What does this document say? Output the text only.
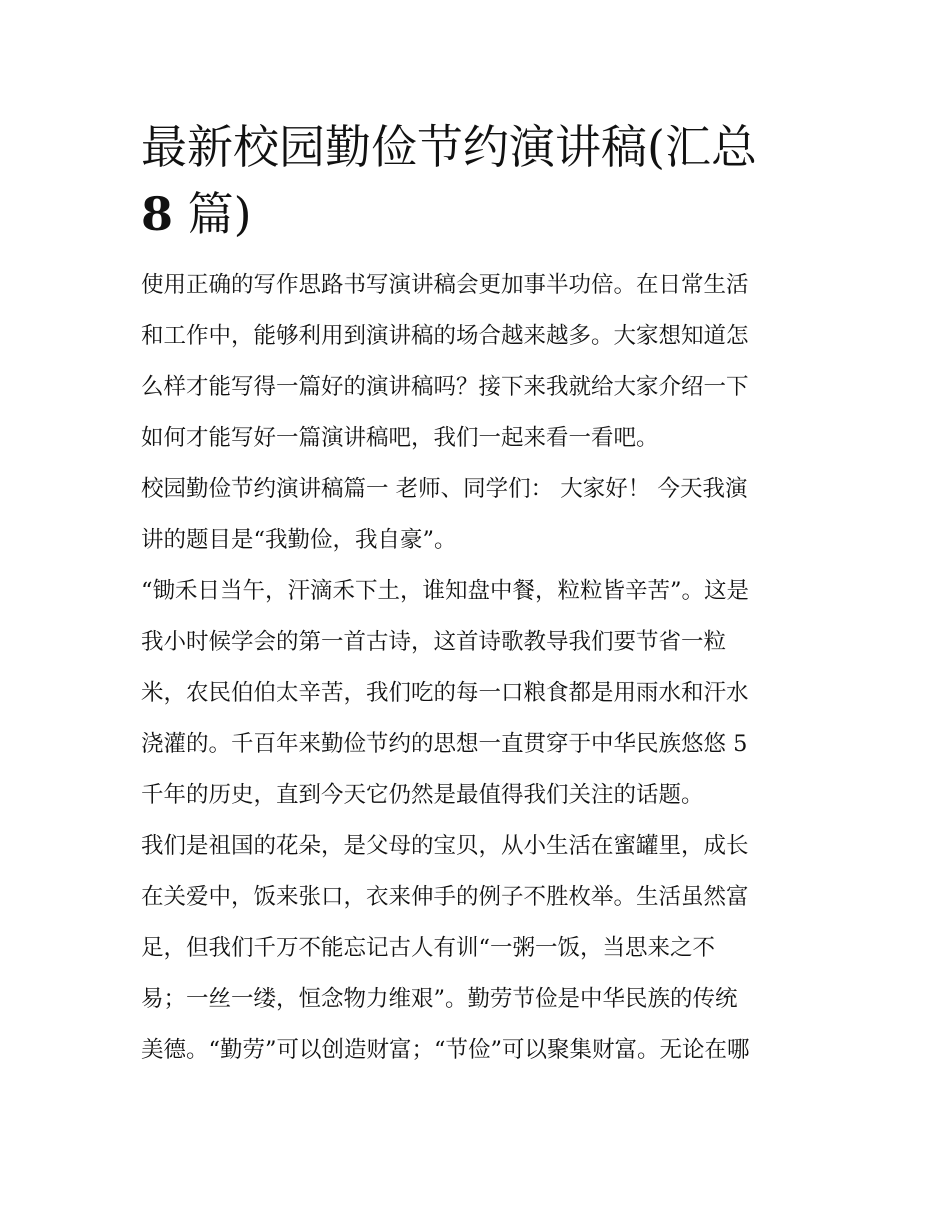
最新校园勤俭节约演讲稿(汇总
8 篇)
使用正确的写作思路书写演讲稿会更加事半功倍。在日常生活
和工作中，能够利用到演讲稿的场合越来越多。大家想知道怎
么样才能写得一篇好的演讲稿吗？接下来我就给大家介绍一下
如何才能写好一篇演讲稿吧，我们一起来看一看吧。
校园勤俭节约演讲稿篇一 老师、同学们： 大家好！ 今天我演
讲的题目是“我勤俭，我自豪”。
“锄禾日当午，汗滴禾下土，谁知盘中餐，粒粒皆辛苦”。这是
我小时候学会的第一首古诗，这首诗歌教导我们要节省一粒
米，农民伯伯太辛苦，我们吃的每一口粮食都是用雨水和汗水
浇灌的。千百年来勤俭节约的思想一直贯穿于中华民族悠悠 5
千年的历史，直到今天它仍然是最值得我们关注的话题。
我们是祖国的花朵，是父母的宝贝，从小生活在蜜罐里，成长
在关爱中，饭来张口，衣来伸手的例子不胜枚举。生活虽然富
足，但我们千万不能忘记古人有训“一粥一饭，当思来之不
易；一丝一缕，恒念物力维艰”。勤劳节俭是中华民族的传统
美德。“勤劳”可以创造财富；“节俭”可以聚集财富。无论在哪
